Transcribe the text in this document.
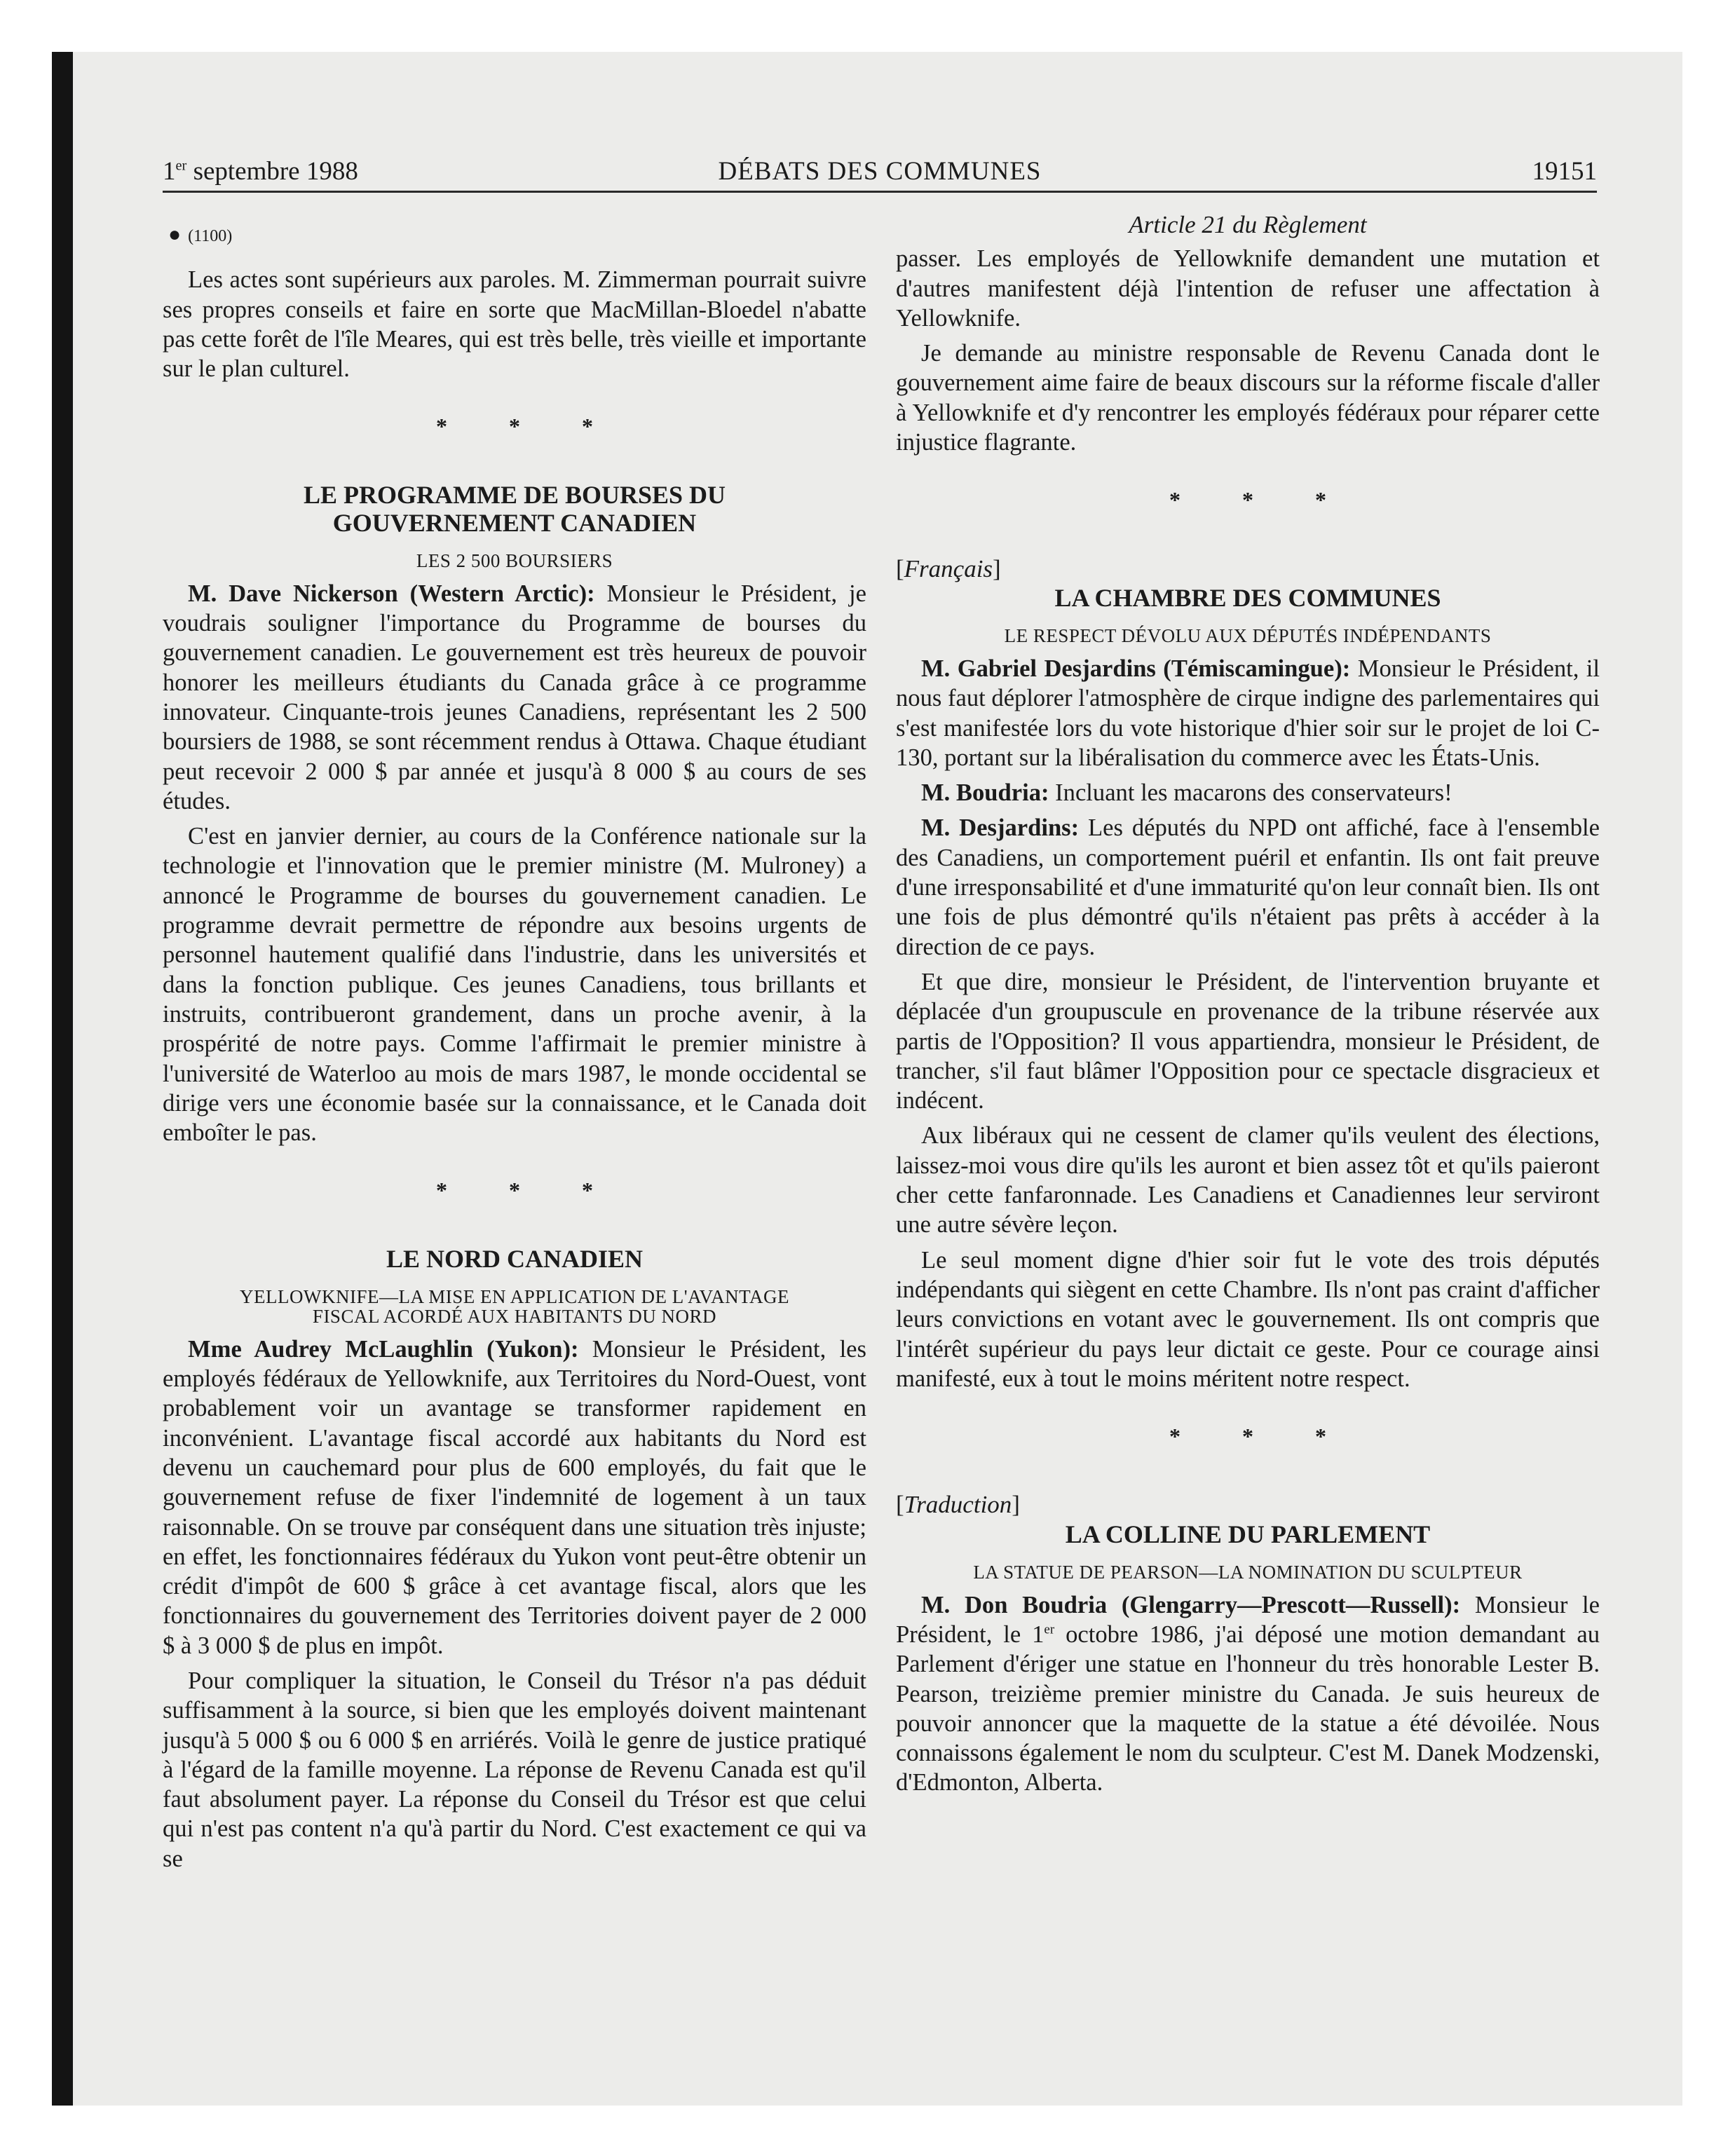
1er septembre 1988	DÉBATS DES COMMUNES	19151
● (1100)

Les actes sont supérieurs aux paroles. M. Zimmerman pourrait suivre ses propres conseils et faire en sorte que MacMillan-Bloedel n'abatte pas cette forêt de l'île Meares, qui est très belle, très vieille et importante sur le plan culturel.

* * *
LE PROGRAMME DE BOURSES DU
GOUVERNEMENT CANADIEN
LES 2 500 BOURSIERS

M. Dave Nickerson (Western Arctic): Monsieur le Président, je voudrais souligner l'importance du Programme de bourses du gouvernement canadien. Le gouvernement est très heureux de pouvoir honorer les meilleurs étudiants du Canada grâce à ce programme innovateur. Cinquante-trois jeunes Canadiens, représentant les 2 500 boursiers de 1988, se sont récemment rendus à Ottawa. Chaque étudiant peut recevoir 2 000 $ par année et jusqu'à 8 000 $ au cours de ses études.

C'est en janvier dernier, au cours de la Conférence nationale sur la technologie et l'innovation que le premier ministre (M. Mulroney) a annoncé le Programme de bourses du gouvernement canadien. Le programme devrait permettre de répondre aux besoins urgents de personnel hautement qualifié dans l'industrie, dans les universités et dans la fonction publique. Ces jeunes Canadiens, tous brillants et instruits, contribueront grandement, dans un proche avenir, à la prospérité de notre pays. Comme l'affirmait le premier ministre à l'université de Waterloo au mois de mars 1987, le monde occidental se dirige vers une économie basée sur la connaissance, et le Canada doit emboîter le pas.

* * *
LE NORD CANADIEN
YELLOWKNIFE—LA MISE EN APPLICATION DE L'AVANTAGE
FISCAL ACORDÉ AUX HABITANTS DU NORD

Mme Audrey McLaughlin (Yukon): Monsieur le Président, les employés fédéraux de Yellowknife, aux Territoires du Nord-Ouest, vont probablement voir un avantage se transformer rapidement en inconvénient. L'avantage fiscal accordé aux habitants du Nord est devenu un cauchemard pour plus de 600 employés, du fait que le gouvernement refuse de fixer l'indemnité de logement à un taux raisonnable. On se trouve par conséquent dans une situation très injuste; en effet, les fonctionnaires fédéraux du Yukon vont peut-être obtenir un crédit d'impôt de 600 $ grâce à cet avantage fiscal, alors que les fonctionnaires du gouvernement des Territories doivent payer de 2 000 $ à 3 000 $ de plus en impôt.

Pour compliquer la situation, le Conseil du Trésor n'a pas déduit suffisamment à la source, si bien que les employés doivent maintenant jusqu'à 5 000 $ ou 6 000 $ en arriérés. Voilà le genre de justice pratiqué à l'égard de la famille moyenne. La réponse de Revenu Canada est qu'il faut absolument payer. La réponse du Conseil du Trésor est que celui qui n'est pas content n'a qu'à partir du Nord. C'est exactement ce qui va se

Article 21 du Règlement

passer. Les employés de Yellowknife demandent une mutation et d'autres manifestent déjà l'intention de refuser une affectation à Yellowknife.

Je demande au ministre responsable de Revenu Canada dont le gouvernement aime faire de beaux discours sur la réforme fiscale d'aller à Yellowknife et d'y rencontrer les employés fédéraux pour réparer cette injustice flagrante.

* * *
[Français]
LA CHAMBRE DES COMMUNES
LE RESPECT DÉVOLU AUX DÉPUTÉS INDÉPENDANTS

M. Gabriel Desjardins (Témiscamingue): Monsieur le Président, il nous faut déplorer l'atmosphère de cirque indigne des parlementaires qui s'est manifestée lors du vote historique d'hier soir sur le projet de loi C-130, portant sur la libéralisation du commerce avec les États-Unis.

M. Boudria: Incluant les macarons des conservateurs!

M. Desjardins: Les députés du NPD ont affiché, face à l'ensemble des Canadiens, un comportement puéril et enfantin. Ils ont fait preuve d'une irresponsabilité et d'une immaturité qu'on leur connaît bien. Ils ont une fois de plus démontré qu'ils n'étaient pas prêts à accéder à la direction de ce pays.

Et que dire, monsieur le Président, de l'intervention bruyante et déplacée d'un groupuscule en provenance de la tribune réservée aux partis de l'Opposition? Il vous appartiendra, monsieur le Président, de trancher, s'il faut blâmer l'Opposition pour ce spectacle disgracieux et indécent.

Aux libéraux qui ne cessent de clamer qu'ils veulent des élections, laissez-moi vous dire qu'ils les auront et bien assez tôt et qu'ils paieront cher cette fanfaronnade. Les Canadiens et Canadiennes leur serviront une autre sévère leçon.

Le seul moment digne d'hier soir fut le vote des trois députés indépendants qui siègent en cette Chambre. Ils n'ont pas craint d'afficher leurs convictions en votant avec le gouvernement. Ils ont compris que l'intérêt supérieur du pays leur dictait ce geste. Pour ce courage ainsi manifesté, eux à tout le moins méritent notre respect.

* * *
[Traduction]
LA COLLINE DU PARLEMENT
LA STATUE DE PEARSON—LA NOMINATION DU SCULPTEUR

M. Don Boudria (Glengarry—Prescott—Russell): Monsieur le Président, le 1er octobre 1986, j'ai déposé une motion demandant au Parlement d'ériger une statue en l'honneur du très honorable Lester B. Pearson, treizième premier ministre du Canada. Je suis heureux de pouvoir annoncer que la maquette de la statue a été dévoilée. Nous connaissons également le nom du sculpteur. C'est M. Danek Modzenski, d'Edmonton, Alberta.
